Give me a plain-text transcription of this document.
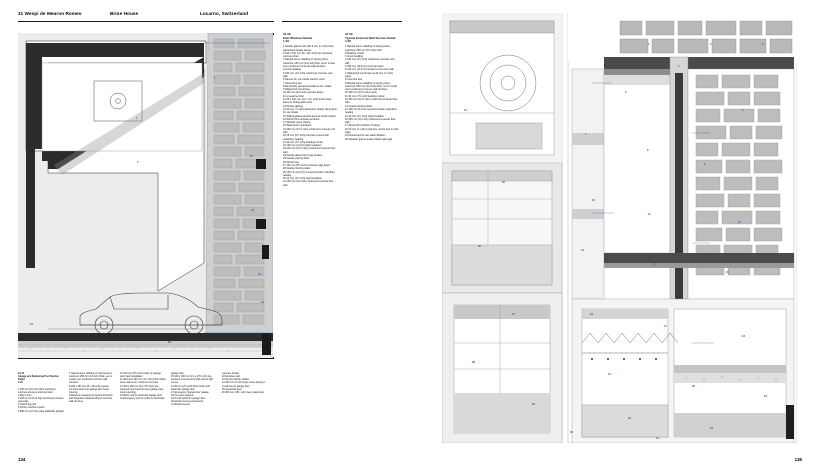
31 Wespi de Meuron Romeo	Brine House	Locarno, Switzerland
4
5
7
11
13
16
19
24
26
31.37
Garage and Swimming Pool Section Detail
1:20

1 250 mm (10 inch) thick reinforced concrete structure and pool shell
2 Plant room
3 150 mm (6 inch) high reinforced concrete pool edge
4 Swimming pool
5 Infinity overflow system
6 550 mm (13 inch) wide trafficable skylight
7 Natural stone cladding of varying sizes, maximum 250 mm (10 inch) thick, set on mortar over reinforced concrete wall structure
8 200 x 450 mm (8 x 18 inch) precast concrete lintel over garage door head, housing
9 Moisture-resistant permanent formwork with integrated waterproofing to concrete wall structure
10 220 mm (8½ inch) cavity for garage door track installation
11 Minimum 200 mm (7¾ inch) thick rubble stone wall set in reinforced concrete
12 300 x 200 mm (12 x 8½ inch) pre-stressed concrete lintel over garage door track mounting
13 Motor unit for automatic garage door
14 Emergency electric cable for automatic
garage door
15 120 x 400 mm (1⅝ x 16½ inch) pre-stressed concrete lintel with cast-in light recess
16 65 mm (2½ inch) thick timber grid automatic garage door
17 Emergency manual door release
18 Concrete upstand
19 On-off switch for garage door
20 Electric movement detector
21 Reinforcement
concrete footing
22 Entrance stair
23 Second shown slotted
24 150 mm (6 inch) deep stone paving in mortar bed to garage floor
25 Geotextile layer
26 400 mm (15¾ inch) deep gravel bed
31.38
East Window Details
1:10
1 Double-glazed unit with 6 mm (¼ inch) thick galvanised facade panels
2 230 x 310 mm (9 x 12¼ inch) pre-stressed concrete lintel
3 Natural stone cladding of varying sizes, maximum 250 mm (10 inch) thick, set in mortar over reinforced concrete wall structure
4 Grout bedding
5 234 mm (1½ inch) reinforced concrete roof slab
6 Recess for sun shade electric motor
7 Steel fixing bar
8 Electrically operated powdered sun shade
9 Waterproof membrane
10 400 mm (16 inch) concrete beam
11 Limestone lintel
12 60 x 120 mm (2¼ x 4¾ inch) timber door frame to sliding glass door
13 Double glazing
14 22 mm (⅞ inch) aluminium shutter rail system for sun shade
15 Sliding glazed window beyond shown dotted
16 Silicon fill to window surround
17 Modular stone paving
18 Waterproof membrane
19 230 mm (11½ inch) reinforced concrete roof slab
20 18 mm (0½ inch) concrete screed with underfloor heating
21 40 mm (1½ inch) bedding mortar
22 100 mm (4 inch) rigid insulation
23 230 mm (11½ inch) reinforced concrete floor slab
24 Double glazed top hung window
25 Granite paving slabs
26 Mortar bed
27 140 mm (5½ inch) concrete edge beam
28 Granite flooring slabs
29 150 mm (6 inch) screed bed with underfloor heating
30 40 mm (1½ inch) rigid insulation
31 250 mm (10 inch) reinforced concrete floor slab
31.09
Typical External Wall Section Detail
1:20
1 Natural stone cladding of varying sizes, maximum 250 mm (10 inch) thick
2 Bedding mortar
3 Grout bedding
4 234 mm (1½ inch) reinforced concrete roof slab
5 450 mm (18 inch) concrete beam
6 230 mm (10 inch) reinforced concrete wall
7 Waterproof membrane to 20 mm (¾ inch) cavity
8 Concrete bed
9 Natural stone cladding of varying sizes, maximum 250 mm (10 inch) thick, set in mortar over reinforced concrete wall structure
10 250 mm (11½ inch) cavity
11 40 mm (1½ inch) bedding mortar
12 230 mm (11½ inch) reinforced concrete floor slab
13 Granite flooring slabs
14 150 mm (6 inch) screed bed with underfloor heating
15 40 mm (1½ inch) rigid insulation
16 250 mm (10 inch) reinforced concrete floor slab
17 Mortar fill to bottom of cavity
18 20 mm (¾ inch) protective mortar bed to slab edge
19 Gravel bed for rain water filtration
20 Filtration grid to sunken finish wall edge
134
1	2	3
4
5
6
7
8
9
10
11
12
13
14
15
16
17
18
19
20
21
22
23
24
25
26
27
28
29
30
31
135
